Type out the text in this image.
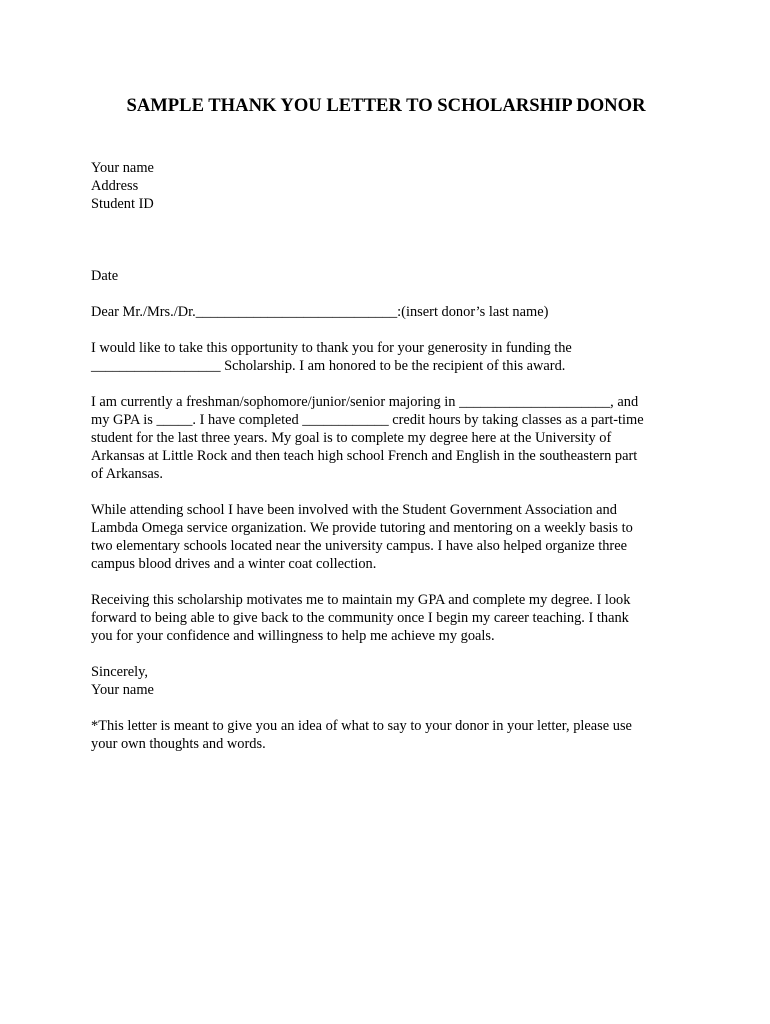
SAMPLE THANK YOU LETTER TO SCHOLARSHIP DONOR
Your name
Address
Student ID
Date
Dear Mr./Mrs./Dr.____________________________:(insert donor’s last name)
I would like to take this opportunity to thank you for your generosity in funding the
__________________ Scholarship. I am honored to be the recipient of this award.
I am currently a freshman/sophomore/junior/senior majoring in _____________________, and
my GPA is _____. I have completed ____________ credit hours by taking classes as a part-time
student for the last three years. My goal is to complete my degree here at the University of
Arkansas at Little Rock and then teach high school French and English in the southeastern part
of Arkansas.
While attending school I have been involved with the Student Government Association and
Lambda Omega service organization. We provide tutoring and mentoring on a weekly basis to
two elementary schools located near the university campus. I have also helped organize three
campus blood drives and a winter coat collection.
Receiving this scholarship motivates me to maintain my GPA and complete my degree. I look
forward to being able to give back to the community once I begin my career teaching. I thank
you for your confidence and willingness to help me achieve my goals.
Sincerely,
Your name
*This letter is meant to give you an idea of what to say to your donor in your letter, please use
your own thoughts and words.
